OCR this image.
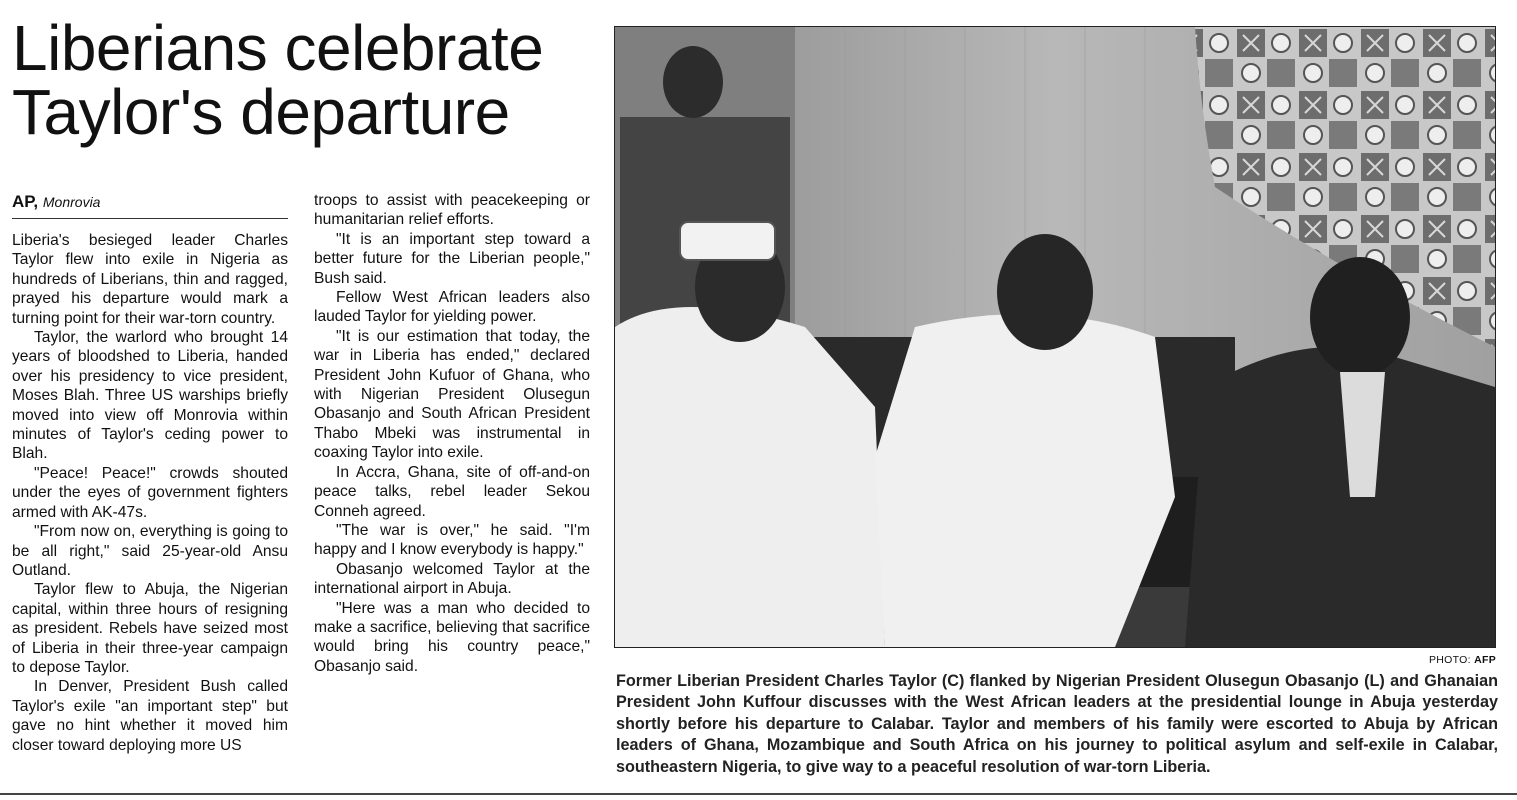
Liberians celebrate Taylor's departure
AP, Monrovia

Liberia's besieged leader Charles Taylor flew into exile in Nigeria as hundreds of Liberians, thin and ragged, prayed his departure would mark a turning point for their war-torn country.

Taylor, the warlord who brought 14 years of bloodshed to Liberia, handed over his presidency to vice president, Moses Blah. Three US warships briefly moved into view off Monrovia within minutes of Taylor's ceding power to Blah.

"Peace! Peace!" crowds shouted under the eyes of government fighters armed with AK-47s.

"From now on, everything is going to be all right," said 25-year-old Ansu Outland.

Taylor flew to Abuja, the Nigerian capital, within three hours of resigning as president. Rebels have seized most of Liberia in their three-year campaign to depose Taylor.

In Denver, President Bush called Taylor's exile "an important step" but gave no hint whether it moved him closer toward deploying more US

troops to assist with peacekeeping or humanitarian relief efforts.

"It is an important step toward a better future for the Liberian people," Bush said.

Fellow West African leaders also lauded Taylor for yielding power.

"It is our estimation that today, the war in Liberia has ended," declared President John Kufuor of Ghana, who with Nigerian President Olusegun Obasanjo and South African President Thabo Mbeki was instrumental in coaxing Taylor into exile.

In Accra, Ghana, site of off-and-on peace talks, rebel leader Sekou Conneh agreed.

"The war is over," he said. "I'm happy and I know everybody is happy."

Obasanjo welcomed Taylor at the international airport in Abuja.

"Here was a man who decided to make a sacrifice, believing that sacrifice would bring his country peace," Obasanjo said.	PHOTO: AFP
Former Liberian President Charles Taylor (C) flanked by Nigerian President Olusegun Obasanjo (L) and Ghanaian President John Kuffour discusses with the West African leaders at the presidential lounge in Abuja yesterday shortly before his departure to Calabar. Taylor and members of his family were escorted to Abuja by African leaders of Ghana, Mozambique and South Africa on his journey to political asylum and self-exile in Calabar, southeastern Nigeria, to give way to a peaceful resolution of war-torn Liberia.
